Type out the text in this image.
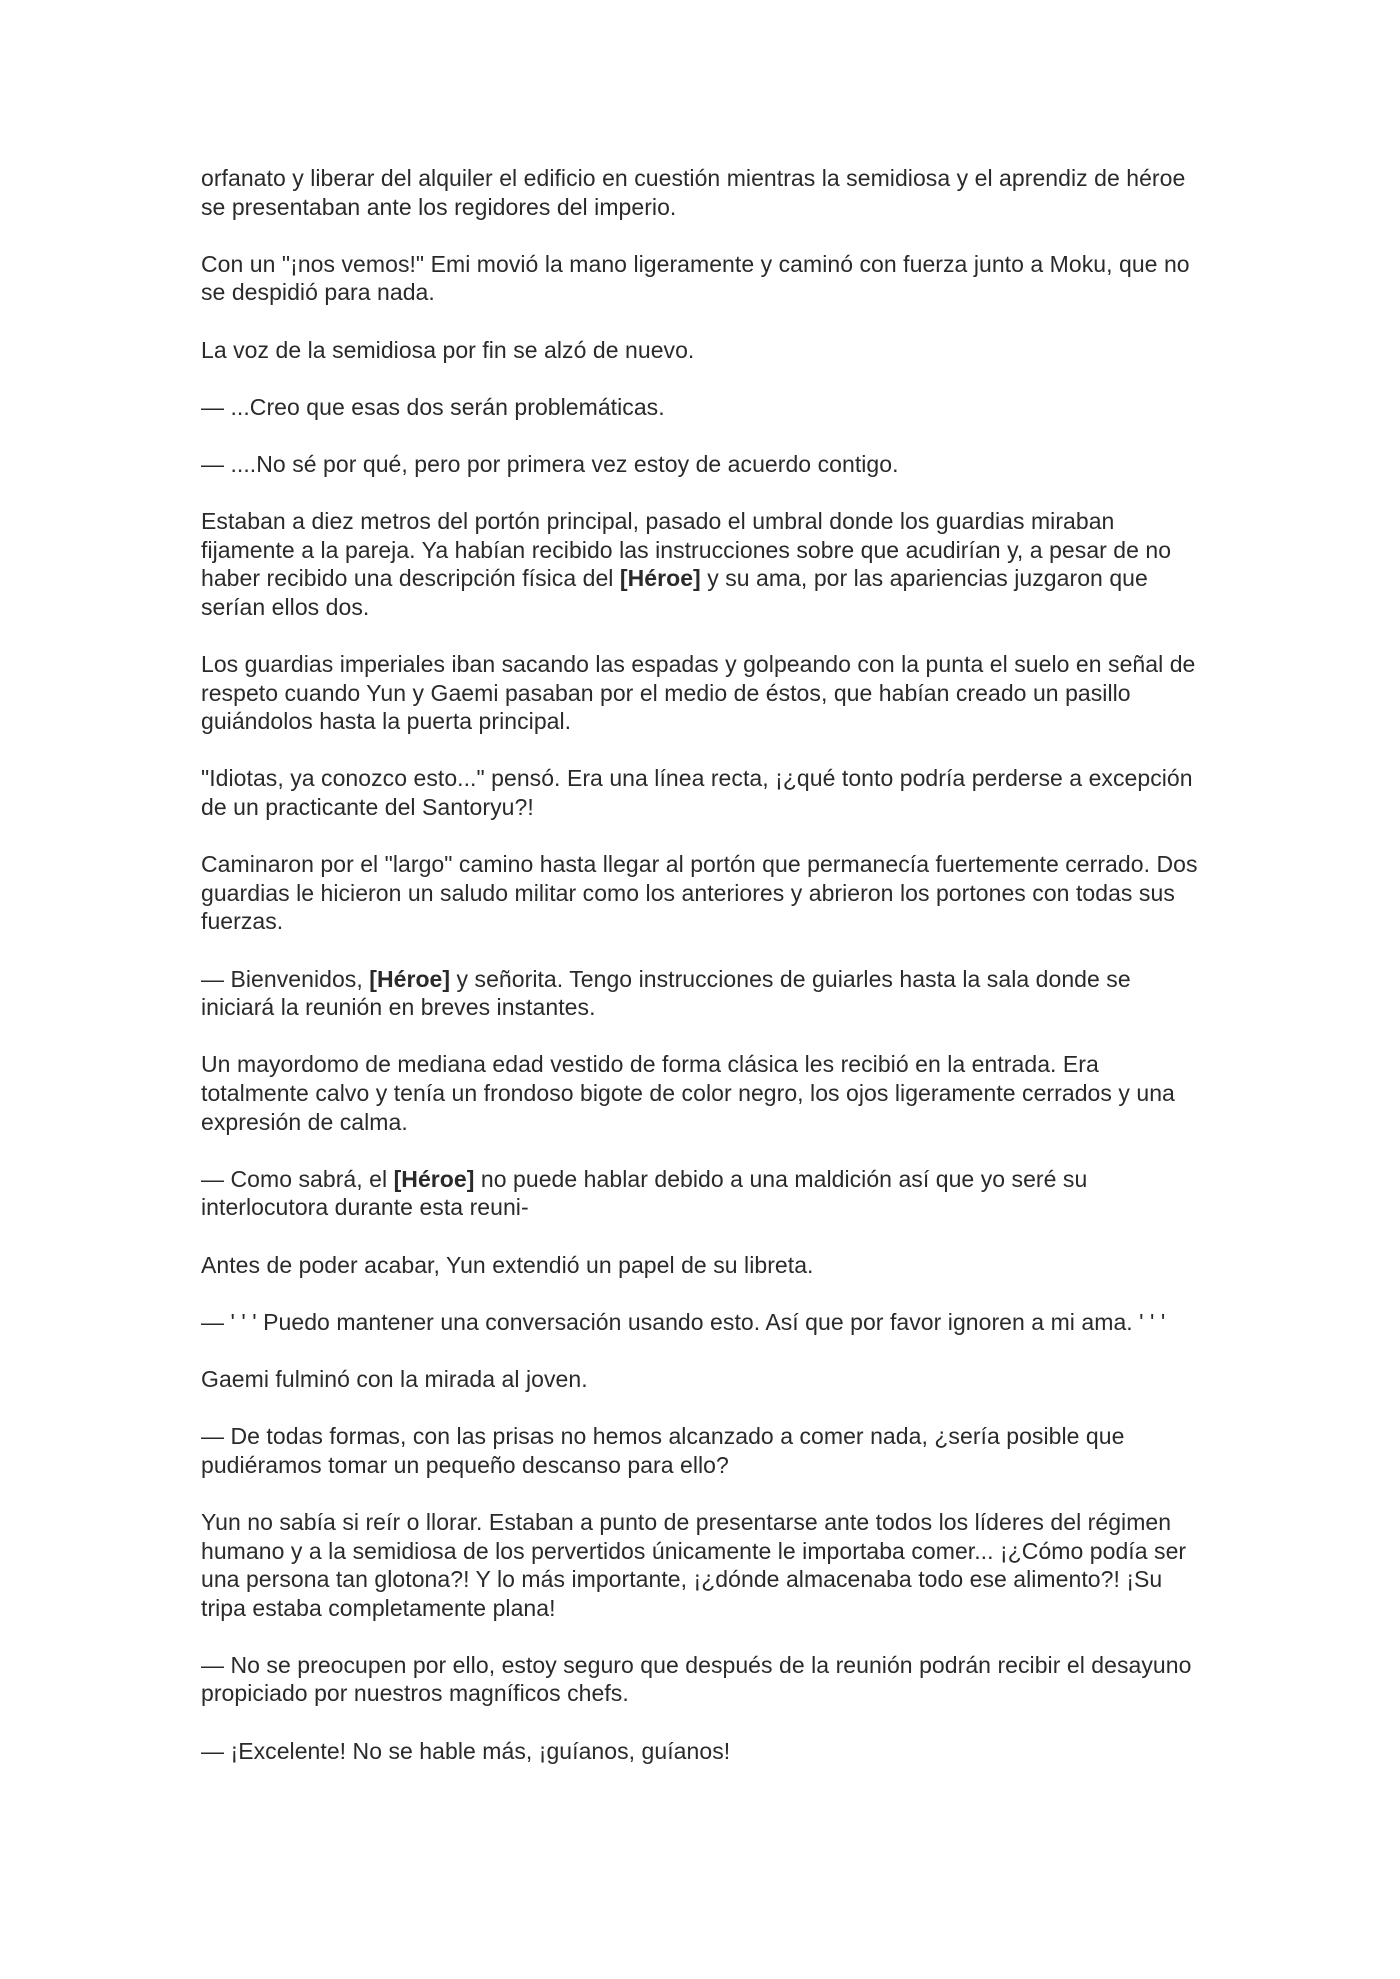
orfanato y liberar del alquiler el edificio en cuestión mientras la semidiosa y el aprendiz de héroe se presentaban ante los regidores del imperio.

Con un "¡nos vemos!" Emi movió la mano ligeramente y caminó con fuerza junto a Moku, que no se despidió para nada.

La voz de la semidiosa por fin se alzó de nuevo.

— ...Creo que esas dos serán problemáticas.

— ....No sé por qué, pero por primera vez estoy de acuerdo contigo.

Estaban a diez metros del portón principal, pasado el umbral donde los guardias miraban fijamente a la pareja. Ya habían recibido las instrucciones sobre que acudirían y, a pesar de no haber recibido una descripción física del [Héroe] y su ama, por las apariencias juzgaron que serían ellos dos.

Los guardias imperiales iban sacando las espadas y golpeando con la punta el suelo en señal de respeto cuando Yun y Gaemi pasaban por el medio de éstos, que habían creado un pasillo guiándolos hasta la puerta principal.

"Idiotas, ya conozco esto..." pensó. Era una línea recta, ¡¿qué tonto podría perderse a excepción de un practicante del Santoryu?!

Caminaron por el "largo" camino hasta llegar al portón que permanecía fuertemente cerrado. Dos guardias le hicieron un saludo militar como los anteriores y abrieron los portones con todas sus fuerzas.

— Bienvenidos, [Héroe] y señorita. Tengo instrucciones de guiarles hasta la sala donde se iniciará la reunión en breves instantes.

Un mayordomo de mediana edad vestido de forma clásica les recibió en la entrada. Era totalmente calvo y tenía un frondoso bigote de color negro, los ojos ligeramente cerrados y una expresión de calma.

— Como sabrá, el [Héroe] no puede hablar debido a una maldición así que yo seré su interlocutora durante esta reuni-

Antes de poder acabar, Yun extendió un papel de su libreta.

— ' ' ' Puedo mantener una conversación usando esto. Así que por favor ignoren a mi ama. ' ' '

Gaemi fulminó con la mirada al joven.

— De todas formas, con las prisas no hemos alcanzado a comer nada, ¿sería posible que pudiéramos tomar un pequeño descanso para ello?

Yun no sabía si reír o llorar. Estaban a punto de presentarse ante todos los líderes del régimen humano y a la semidiosa de los pervertidos únicamente le importaba comer... ¡¿Cómo podía ser una persona tan glotona?! Y lo más importante, ¡¿dónde almacenaba todo ese alimento?! ¡Su tripa estaba completamente plana!

— No se preocupen por ello, estoy seguro que después de la reunión podrán recibir el desayuno propiciado por nuestros magníficos chefs.

— ¡Excelente! No se hable más, ¡guíanos, guíanos!
